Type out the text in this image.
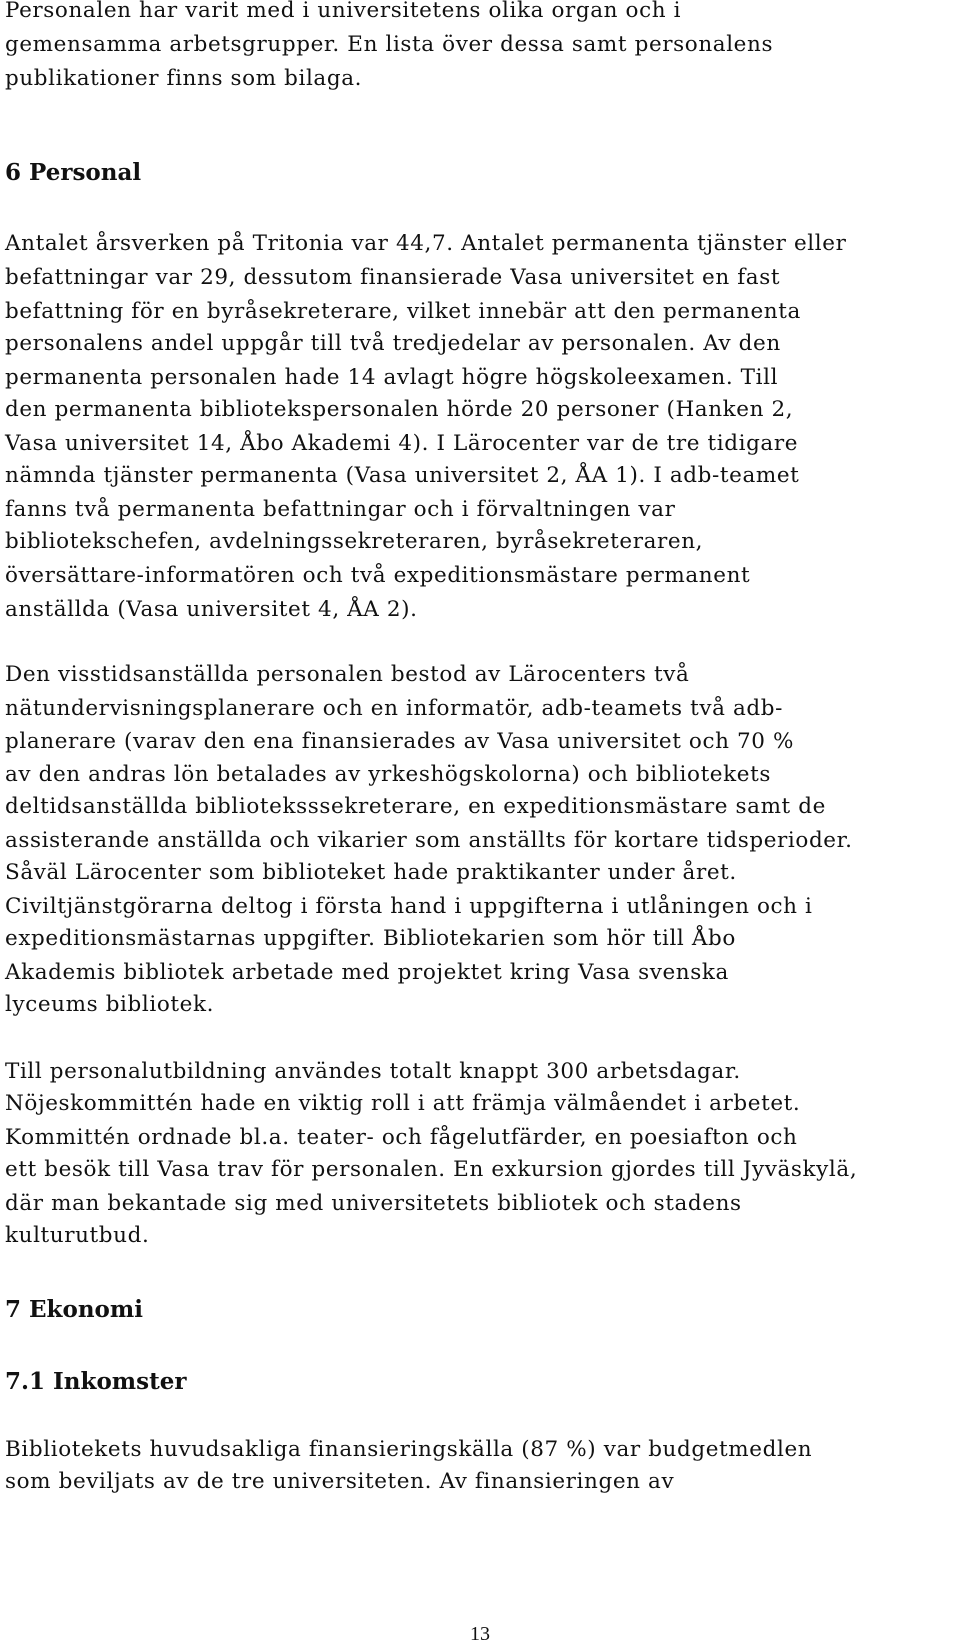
Personalen har varit med i universitetens olika organ och i
gemensamma arbetsgrupper. En lista över dessa samt personalens
publikationer finns som bilaga.
6 Personal
Antalet årsverken på Tritonia var 44,7. Antalet permanenta tjänster eller
befattningar var 29, dessutom finansierade Vasa universitet en fast
befattning för en byråsekreterare, vilket innebär att den permanenta
personalens andel uppgår till två tredjedelar av personalen. Av den
permanenta personalen hade 14 avlagt högre högskoleexamen. Till
den permanenta bibliotekspersonalen hörde 20 personer (Hanken 2,
Vasa universitet 14, Åbo Akademi 4). I Lärocenter var de tre tidigare
nämnda tjänster permanenta (Vasa universitet 2, ÅA 1). I adb-teamet
fanns två permanenta befattningar och i förvaltningen var
bibliotekschefen, avdelningssekreteraren, byråsekreteraren,
översättare-informatören och två expeditionsmästare permanent
anställda (Vasa universitet 4, ÅA 2).
Den visstidsanställda personalen bestod av Lärocenters två
nätundervisningsplanerare och en informatör, adb-teamets två adb-
planerare (varav den ena finansierades av Vasa universitet och 70 %
av den andras lön betalades av yrkeshögskolorna) och bibliotekets
deltidsanställda biblioteksssekreterare, en expeditionsmästare samt de
assisterande anställda och vikarier som anställts för kortare tidsperioder.
Såväl Lärocenter som biblioteket hade praktikanter under året.
Civiltjänstgörarna deltog i första hand i uppgifterna i utlåningen och i
expeditionsmästarnas uppgifter. Bibliotekarien som hör till Åbo
Akademis bibliotek arbetade med projektet kring Vasa svenska
lyceums bibliotek.
Till personalutbildning användes totalt knappt 300 arbetsdagar.
Nöjeskommittén hade en viktig roll i att främja välmåendet i arbetet.
Kommittén ordnade bl.a. teater- och fågelutfärder, en poesiafton och
ett besök till Vasa trav för personalen. En exkursion gjordes till Jyväskylä,
där man bekantade sig med universitetets bibliotek och stadens
kulturutbud.
7 Ekonomi
7.1 Inkomster
Bibliotekets huvudsakliga finansieringskälla (87 %) var budgetmedlen
som beviljats av de tre universiteten. Av finansieringen av
13
